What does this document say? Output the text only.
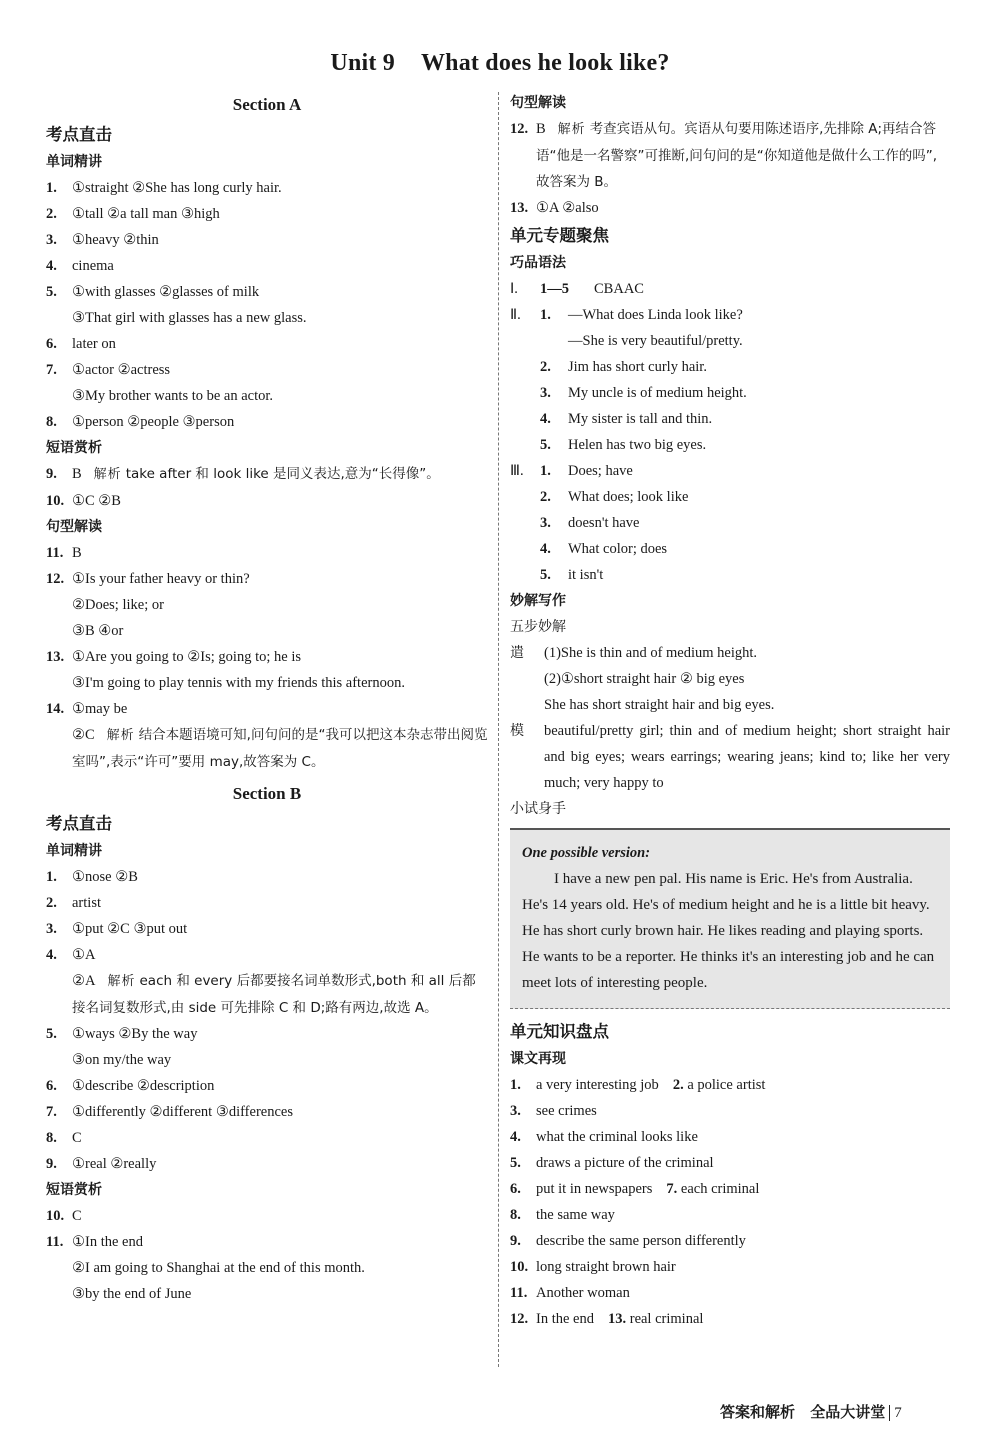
Unit 9 What does he look like?
Section A
考点直击
单词精讲
1. ①straight ②She has long curly hair.
2. ①tall ②a tall man ③high
3. ①heavy ②thin
4. cinema
5. ①with glasses ②glasses of milk
③That girl with glasses has a new glass.
6. later on
7. ①actor ②actress
③My brother wants to be an actor.
8. ①person ②people ③person
短语赏析
9. B 解析 take after 和 look like 是同义表达,意为“长得像”。
10. ①C ②B
句型解读
11. B
12. ①Is your father heavy or thin?
②Does; like; or
③B ④or
13. ①Are you going to ②Is; going to; he is
③I'm going to play tennis with my friends this afternoon.
14. ①may be
②C 解析 结合本题语境可知,问句问的是“我可以把这本杂志带出阅览室吗”,表示“许可”要用 may,故答案为 C。
Section B
考点直击
单词精讲
1. ①nose ②B
2. artist
3. ①put ②C ③put out
4. ①A
②A 解析 each 和 every 后都要接名词单数形式,both 和 all 后都接名词复数形式,由 side 可先排除 C 和 D;路有两边,故选 A。
5. ①ways ②By the way
③on my/the way
6. ①describe ②description
7. ①differently ②different ③differences
8. C
9. ①real ②really
短语赏析
10. C
11. ①In the end
②I am going to Shanghai at the end of this month.
③by the end of June
句型解读
12. B 解析 考查宾语从句。宾语从句要用陈述语序,先排除 A;再结合答语“他是一名警察”可推断,问句问的是“你知道他是做什么工作的吗”,故答案为 B。
13. ①A ②also
单元专题聚焦
巧品语法
Ⅰ. 1—5 CBAAC
Ⅱ. 1. —What does Linda look like?
—She is very beautiful/pretty.
2. Jim has short curly hair.
3. My uncle is of medium height.
4. My sister is tall and thin.
5. Helen has two big eyes.
Ⅲ. 1. Does; have
2. What does; look like
3. doesn't have
4. What color; does
5. it isn't
妙解写作
五步妙解
遣 (1)She is thin and of medium height.
(2)①short straight hair ② big eyes
She has short straight hair and big eyes.
模 beautiful/pretty girl; thin and of medium height; short straight hair and big eyes; wears earrings; wearing jeans; kind to; like her very much; very happy to
小试身手
One possible version:
I have a new pen pal. His name is Eric. He's from Australia. He's 14 years old. He's of medium height and he is a little bit heavy. He has short curly brown hair. He likes reading and playing sports. He wants to be a reporter. He thinks it's an interesting job and he can meet lots of interesting people.
单元知识盘点
课文再现
1. a very interesting job 2. a police artist
3. see crimes
4. what the criminal looks like
5. draws a picture of the criminal
6. put it in newspapers 7. each criminal
8. the same way
9. describe the same person differently
10. long straight brown hair
11. Another woman
12. In the end 13. real criminal
答案和解析 全品大讲堂 7
